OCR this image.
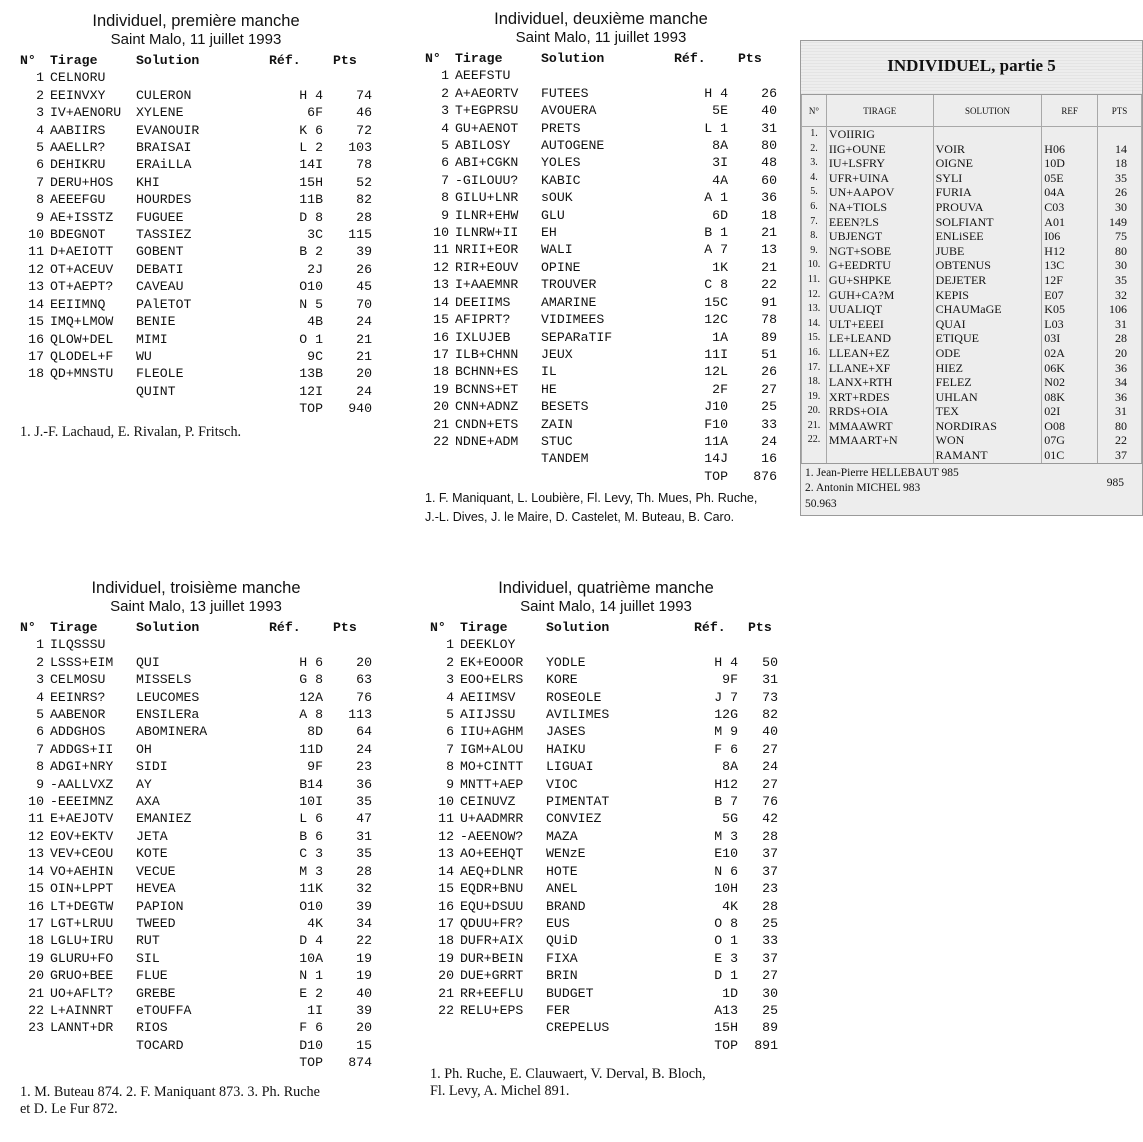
Individuel, première manche
Saint Malo, 11 juillet 1993
N°	Tirage	Solution	Réf.	Pts
1	CELNORU			
2	EEINVXY	CULERON	H 4	74
3	IV+AENORU	XYLENE	6F	46
4	AABIIRS	EVANOUIR	K 6	72
5	AAELLR?	BRAISAI	L 2	103
6	DEHIKRU	ERAiLLA	14I	78
7	DERU+HOS	KHI	15H	52
8	AEEEFGU	HOURDES	11B	82
9	AE+ISSTZ	FUGUEE	D 8	28
10	BDEGNOT	TASSIEZ	3C	115
11	D+AEIOTT	GOBENT	B 2	39
12	OT+ACEUV	DEBATI	2J	26
13	OT+AEPT?	CAVEAU	O10	45
14	EEIIMNQ	PAlETOT	N 5	70
15	IMQ+LMOW	BENIE	4B	24
16	QLOW+DEL	MIMI	O 1	21
17	QLODEL+F	WU	9C	21
18	QD+MNSTU	FLEOLE	13B	20
		QUINT	12I	24
			TOP	940
1. J.-F. Lachaud, E. Rivalan, P. Fritsch.
Individuel, deuxième manche
Saint Malo, 11 juillet 1993
N°	Tirage	Solution	Réf.	Pts
1	AEEFSTU			
2	A+AEORTV	FUTEES	H 4	26
3	T+EGPRSU	AVOUERA	5E	40
4	GU+AENOT	PRETS	L 1	31
5	ABILOSY	AUTOGENE	8A	80
6	ABI+CGKN	YOLES	3I	48
7	-GILOUU?	KABIC	4A	60
8	GILU+LNR	sOUK	A 1	36
9	ILNR+EHW	GLU	6D	18
10	ILNRW+II	EH	B 1	21
11	NRII+EOR	WALI	A 7	13
12	RIR+EOUV	OPINE	1K	21
13	I+AAEMNR	TROUVER	C 8	22
14	DEEIIMS	AMARINE	15C	91
15	AFIPRT?	VIDIMEES	12C	78
16	IXLUJEB	SEPARaTIF	1A	89
17	ILB+CHNN	JEUX	11I	51
18	BCHNN+ES	IL	12L	26
19	BCNNS+ET	HE	2F	27
20	CNN+ADNZ	BESETS	J10	25
21	CNDN+ETS	ZAIN	F10	33
22	NDNE+ADM	STUC	11A	24
		TANDEM	14J	16
			TOP	876
1. F. Maniquant, L. Loubière, Fl. Levy, Th. Mues, Ph. Ruche,
J.-L. Dives, J. le Maire, D. Castelet, M. Buteau, B. Caro.
INDIVIDUEL, partie 5
N°	TIRAGE	SOLUTION	REF	PTS
1.	VOIIRIG			
2.	IIG+OUNE	VOIR	H06	14
3.	IU+LSFRY	OIGNE	10D	18
4.	UFR+UINA	SYLI	05E	35
5.	UN+AAPOV	FURIA	04A	26
6.	NA+TIOLS	PROUVA	C03	30
7.	EEEN?LS	SOLFIANT	A01	149
8.	UBJENGT	ENLiSEE	I06	75
9.	NGT+SOBE	JUBE	H12	80
10.	G+EEDRTU	OBTENUS	13C	30
11.	GU+SHPKE	DEJETER	12F	35
12.	GUH+CA?M	KEPIS	E07	32
13.	UUALIQT	CHAUMaGE	K05	106
14.	ULT+EEEI	QUAI	L03	31
15.	LE+LEAND	ETIQUE	03I	28
16.	LLEAN+EZ	ODE	02A	20
17.	LLANE+XF	HIEZ	06K	36
18.	LANX+RTH	FELEZ	N02	34
19.	XRT+RDES	UHLAN	08K	36
20.	RRDS+OIA	TEX	02I	31
21.	MMAAWRT	NORDIRAS	O08	80
22.	MMAART+N	WON	07G	22
		RAMANT	01C	37
1. Jean-Pierre HELLEBAUT 985
2. Antonin MICHEL 983
50.963
985
Individuel, troisième manche
Saint Malo, 13 juillet 1993
N°	Tirage	Solution	Réf.	Pts
1	ILQSSSU			
2	LSSS+EIM	QUI	H 6	20
3	CELMOSU	MISSELS	G 8	63
4	EEINRS?	LEUCOMES	12A	76
5	AABENOR	ENSILERa	A 8	113
6	ADDGHOS	ABOMINERA	8D	64
7	ADDGS+II	OH	11D	24
8	ADGI+NRY	SIDI	9F	23
9	-AALLVXZ	AY	B14	36
10	-EEEIMNZ	AXA	10I	35
11	E+AEJOTV	EMANIEZ	L 6	47
12	EOV+EKTV	JETA	B 6	31
13	VEV+CEOU	KOTE	C 3	35
14	VO+AEHIN	VECUE	M 3	28
15	OIN+LPPT	HEVEA	11K	32
16	LT+DEGTW	PAPION	O10	39
17	LGT+LRUU	TWEED	4K	34
18	LGLU+IRU	RUT	D 4	22
19	GLURU+FO	SIL	10A	19
20	GRUO+BEE	FLUE	N 1	19
21	UO+AFLT?	GREBE	E 2	40
22	L+AINNRT	eTOUFFA	1I	39
23	LANNT+DR	RIOS	F 6	20
		TOCARD	D10	15
			TOP	874
1. M. Buteau 874. 2. F. Maniquant 873. 3. Ph. Ruche
et D. Le Fur 872.
Individuel, quatrième manche
Saint Malo, 14 juillet 1993
N°	Tirage	Solution	Réf.	Pts
1	DEEKLOY			
2	EK+EOOOR	YODLE	H 4	50
3	EOO+ELRS	KORE	9F	31
4	AEIIMSV	ROSEOLE	J 7	73
5	AIIJSSU	AVILIMES	12G	82
6	IIU+AGHM	JASES	M 9	40
7	IGM+ALOU	HAIKU	F 6	27
8	MO+CINTT	LIGUAI	8A	24
9	MNTT+AEP	VIOC	H12	27
10	CEINUVZ	PIMENTAT	B 7	76
11	U+AADMRR	CONVIEZ	5G	42
12	-AEENOW?	MAZA	M 3	28
13	AO+EEHQT	WENzE	E10	37
14	AEQ+DLNR	HOTE	N 6	37
15	EQDR+BNU	ANEL	10H	23
16	EQU+DSUU	BRAND	4K	28
17	QDUU+FR?	EUS	O 8	25
18	DUFR+AIX	QUiD	O 1	33
19	DUR+BEIN	FIXA	E 3	37
20	DUE+GRRT	BRIN	D 1	27
21	RR+EEFLU	BUDGET	1D	30
22	RELU+EPS	FER	A13	25
		CREPELUS	15H	89
			TOP	891
1. Ph. Ruche, E. Clauwaert, V. Derval, B. Bloch,
Fl. Levy, A. Michel 891.
